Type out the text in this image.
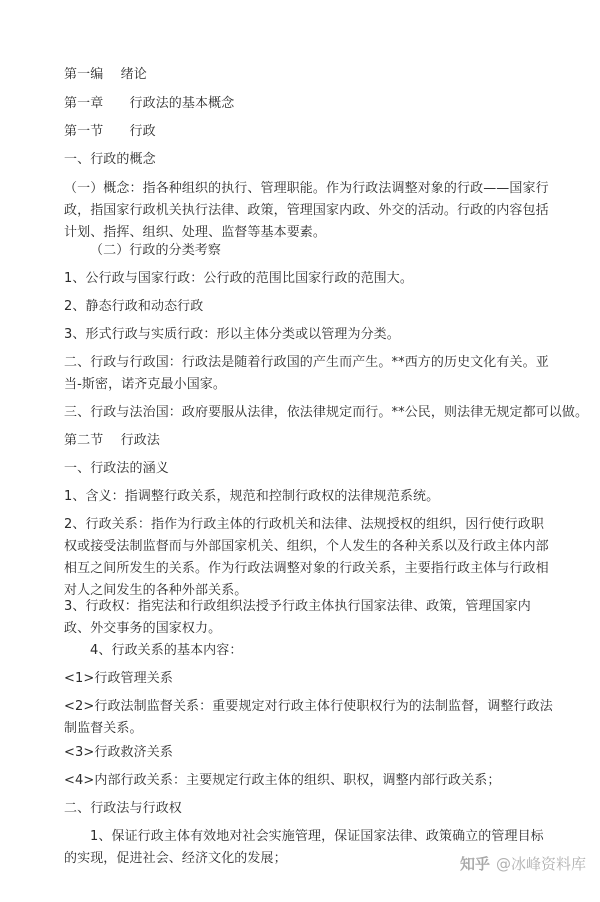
第一编　 绪论
第一章　　行政法的基本概念
第一节　　行政
一、行政的概念
（一）概念：指各种组织的执行、管理职能。作为行政法调整对象的行政——国家行政，指国家行政机关执行法律、政策，管理国家内政、外交的活动。行政的内容包括计划、指挥、组织、处理、监督等基本要素。
（二）行政的分类考察
1、公行政与国家行政：公行政的范围比国家行政的范围大。
2、静态行政和动态行政
3、形式行政与实质行政：形以主体分类或以管理为分类。
二、行政与行政国：行政法是随着行政国的产生而产生。**西方的历史文化有关。亚当-斯密，诺齐克最小国家。
三、行政与法治国：政府要服从法律，依法律规定而行。**公民，则法律无规定都可以做。
第二节　 行政法
一、行政法的涵义
1、含义：指调整行政关系，规范和控制行政权的法律规范系统。
2、行政关系：指作为行政主体的行政机关和法律、法规授权的组织，因行使行政职权或接受法制监督而与外部国家机关、组织，个人发生的各种关系以及行政主体内部相互之间所发生的关系。作为行政法调整对象的行政关系，主要指行政主体与行政相对人之间发生的各种外部关系。
3、行政权：指宪法和行政组织法授予行政主体执行国家法律、政策，管理国家内政、外交事务的国家权力。
4、行政关系的基本内容：
<1>行政管理关系
<2>行政法制监督关系：重要规定对行政主体行使职权行为的法制监督，调整行政法制监督关系。
<3>行政救济关系
<4>内部行政关系：主要规定行政主体的组织、职权，调整内部行政关系；
二、行政法与行政权
1、保证行政主体有效地对社会实施管理，保证国家法律、政策确立的管理目标的实现，促进社会、经济文化的发展；	知乎 @冰峰资料库
